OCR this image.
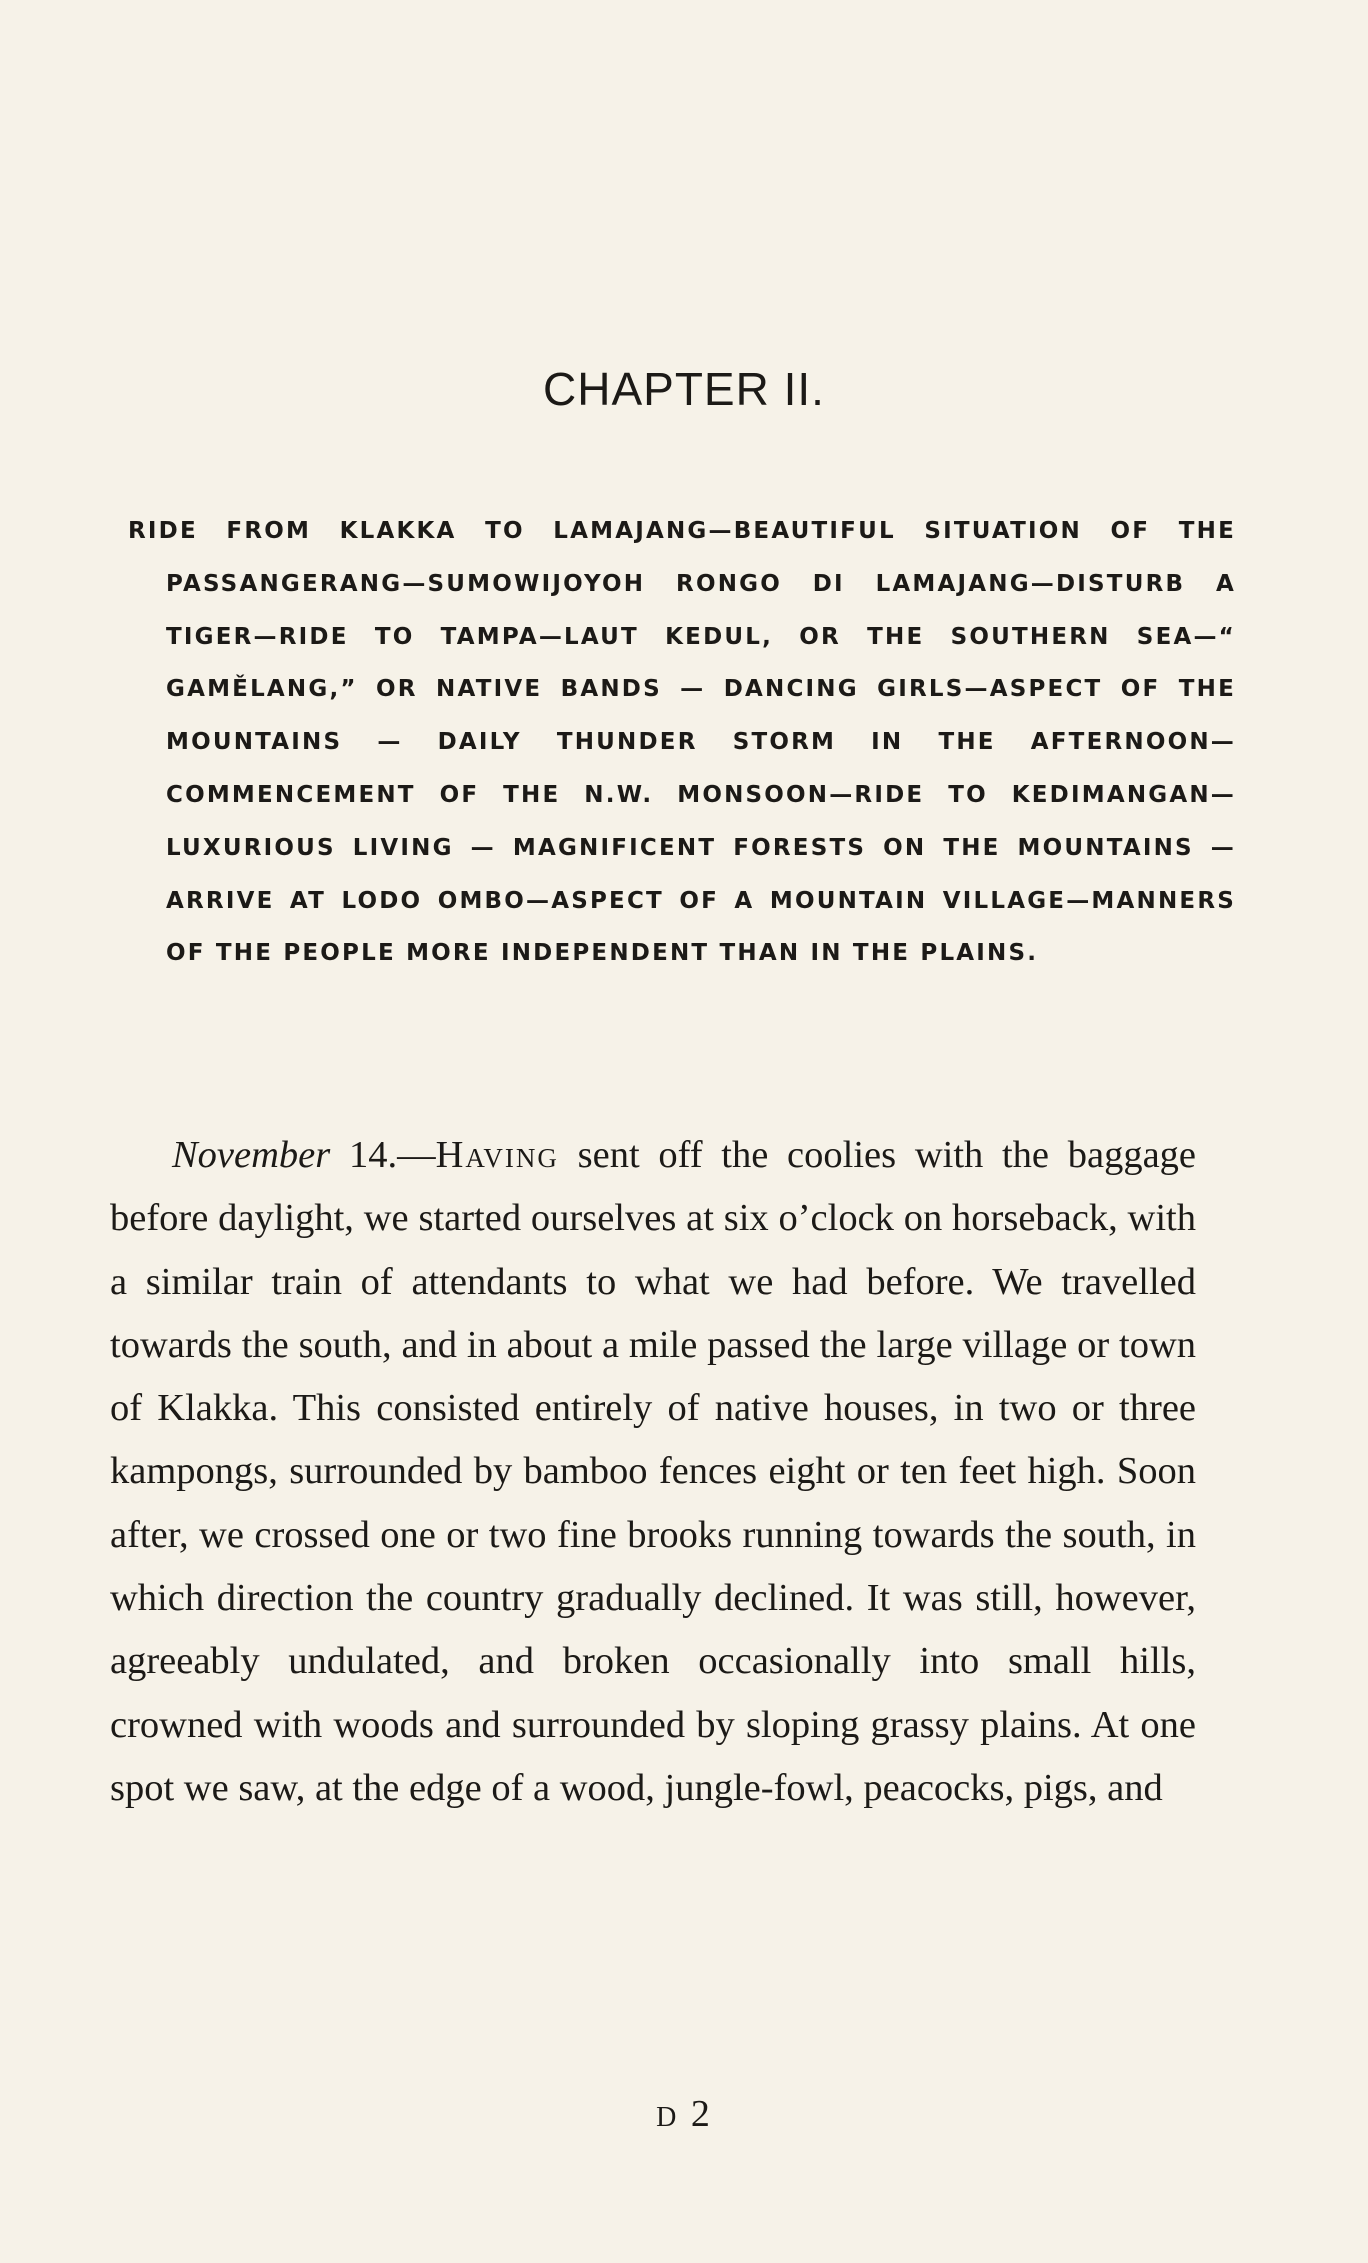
CHAPTER II.

RIDE FROM KLAKKA TO LAMAJANG—BEAUTIFUL SITUATION OF THE PASSANGERANG—SUMOWIJOYOH RONGO DI LAMAJANG—DISTURB A TIGER—RIDE TO TAMPA—LAUT KEDUL, OR THE SOUTHERN SEA—“ GAMĚLANG,” OR NATIVE BANDS — DANCING GIRLS—ASPECT OF THE MOUNTAINS — DAILY THUNDER STORM IN THE AFTERNOON—COMMENCEMENT OF THE N.W. MONSOON—RIDE TO KEDIMANGAN—LUXURIOUS LIVING — MAGNIFICENT FORESTS ON THE MOUNTAINS — ARRIVE AT LODO OMBO—ASPECT OF A MOUNTAIN VILLAGE—MANNERS OF THE PEOPLE MORE INDEPENDENT THAN IN THE PLAINS.

November 14.—Having sent off the coolies with the baggage before daylight, we started ourselves at six o’clock on horseback, with a similar train of attendants to what we had before. We travelled towards the south, and in about a mile passed the large village or town of Klakka. This consisted entirely of native houses, in two or three kampongs, surrounded by bamboo fences eight or ten feet high. Soon after, we crossed one or two fine brooks running towards the south, in which direction the country gradually declined. It was still, however, agreeably undulated, and broken occasionally into small hills, crowned with woods and surrounded by sloping grassy plains. At one spot we saw, at the edge of a wood, jungle-fowl, peacocks, pigs, and

D 2
